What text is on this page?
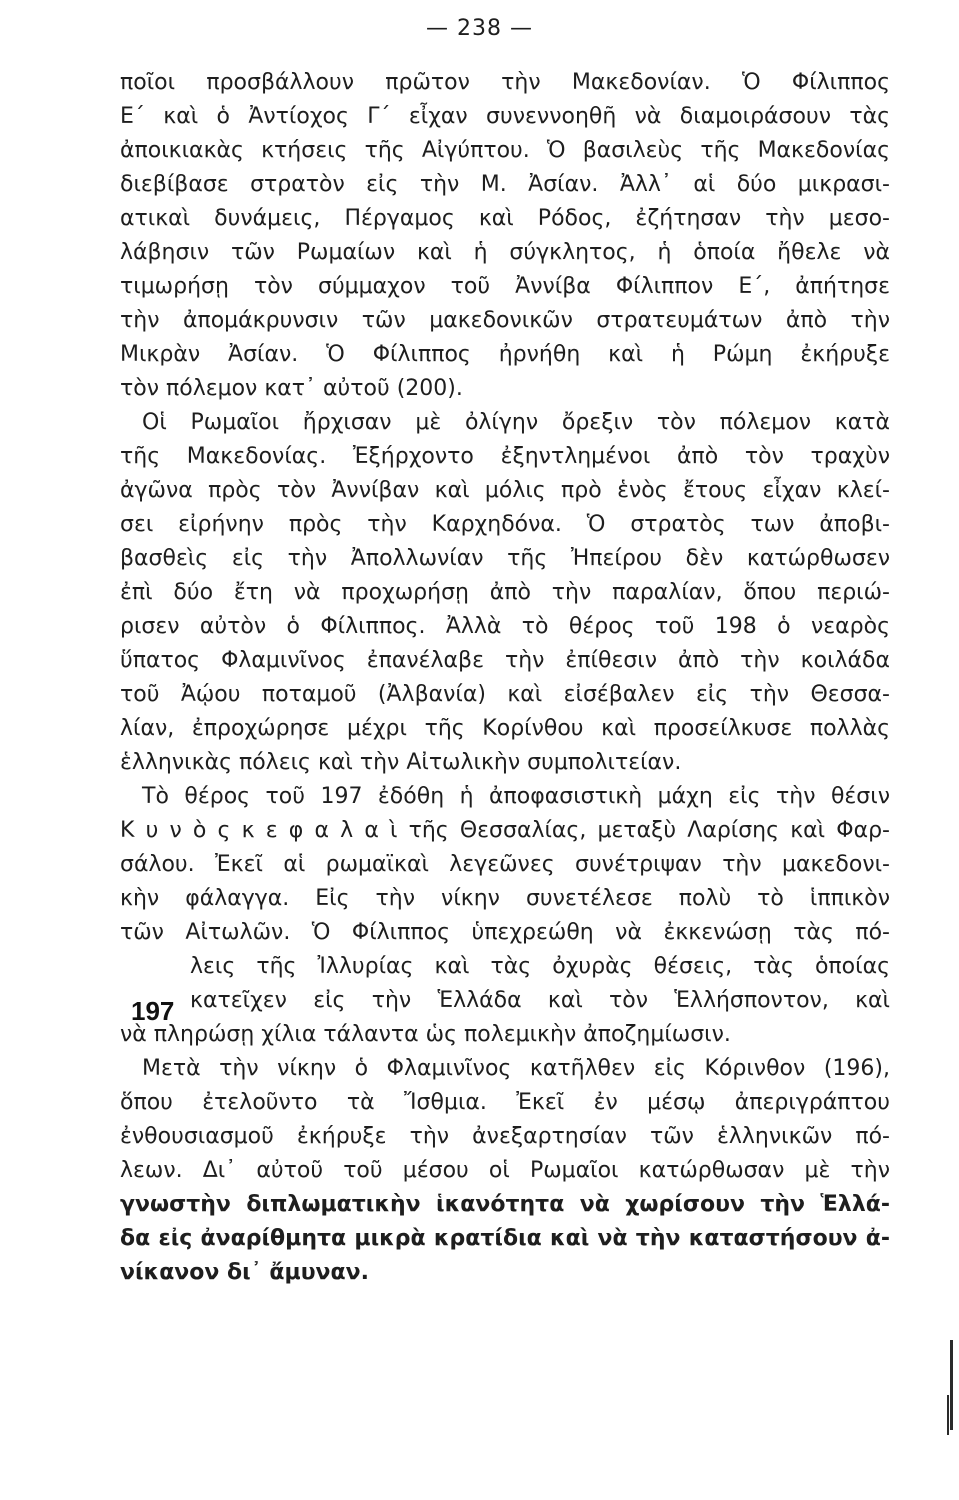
— 238 —
197
ποῖοι προσβάλλουν πρῶτον τὴν Μακεδονίαν. Ὁ Φίλιππος
Ε΄ καὶ ὁ Ἀντίοχος Γ΄ εἶχαν συνεννοηθῆ νὰ διαμοιράσουν τὰς
ἀποικιακὰς κτήσεις τῆς Αἰγύπτου. Ὁ βασιλεὺς τῆς Μακεδονίας
διεβίβασε στρατὸν εἰς τὴν Μ. Ἀσίαν. Ἀλλ᾽ αἱ δύο μικρασι-
ατικαὶ δυνάμεις, Πέργαμος καὶ Ρόδος, ἐζήτησαν τὴν μεσο-
λάβησιν τῶν Ρωμαίων καὶ ἡ σύγκλητος, ἡ ὁποία ἤθελε νὰ
τιμωρήσῃ τὸν σύμμαχον τοῦ Ἀννίβα Φίλιππον Ε΄, ἀπήτησε
τὴν ἀπομάκρυνσιν τῶν μακεδονικῶν στρατευμάτων ἀπὸ τὴν
Μικρὰν Ἀσίαν. Ὁ Φίλιππος ἠρνήθη καὶ ἡ Ρώμη ἐκήρυξε
τὸν πόλεμον κατ᾽ αὐτοῦ (200).
Οἱ Ρωμαῖοι ἤρχισαν μὲ ὀλίγην ὄρεξιν τὸν πόλεμον κατὰ
τῆς Μακεδονίας. Ἐξήρχοντο ἐξηντλημένοι ἀπὸ τὸν τραχὺν
ἀγῶνα πρὸς τὸν Ἀννίβαν καὶ μόλις πρὸ ἑνὸς ἔτους εἶχαν κλεί-
σει εἰρήνην πρὸς τὴν Καρχηδόνα. Ὁ στρατὸς των ἀποβι-
βασθεὶς εἰς τὴν Ἀπολλωνίαν τῆς Ἠπείρου δὲν κατώρθωσεν
ἐπὶ δύο ἔτη νὰ προχωρήσῃ ἀπὸ τὴν παραλίαν, ὅπου περιώ-
ρισεν αὐτὸν ὁ Φίλιππος. Ἀλλὰ τὸ θέρος τοῦ 198 ὁ νεαρὸς
ὕπατος Φλαμινῖνος ἐπανέλαβε τὴν ἐπίθεσιν ἀπὸ τὴν κοιλάδα
τοῦ Ἀῴου ποταμοῦ (Ἀλβανία) καὶ εἰσέβαλεν εἰς τὴν Θεσσα-
λίαν, ἐπροχώρησε μέχρι τῆς Κορίνθου καὶ προσείλκυσε πολλὰς
ἑλληνικὰς πόλεις καὶ τὴν Αἰτωλικὴν συμπολιτείαν.
Τὸ θέρος τοῦ 197 ἐδόθη ἡ ἀποφασιστικὴ μάχη εἰς τὴν θέσιν
Κ υ ν ὸ ς κ ε φ α λ α ὶ τῆς Θεσσαλίας, μεταξὺ Λαρίσης καὶ Φαρ-
σάλου. Ἐκεῖ αἱ ρωμαϊκαὶ λεγεῶνες συνέτριψαν τὴν μακεδονι-
κὴν φάλαγγα. Εἰς τὴν νίκην συνετέλεσε πολὺ τὸ ἱππικὸν
τῶν Αἰτωλῶν. Ὁ Φίλιππος ὑπεχρεώθη νὰ ἐκκενώσῃ τὰς πό-
λεις τῆς Ἰλλυρίας καὶ τὰς ὀχυρὰς θέσεις, τὰς ὁποίας
κατεῖχεν εἰς τὴν Ἑλλάδα καὶ τὸν Ἑλλήσποντον, καὶ
νὰ πληρώσῃ χίλια τάλαντα ὡς πολεμικὴν ἀποζημίωσιν.
Μετὰ τὴν νίκην ὁ Φλαμινῖνος κατῆλθεν εἰς Κόρινθον (196),
ὅπου ἐτελοῦντο τὰ Ἴσθμια. Ἐκεῖ ἐν μέσῳ ἀπεριγράπτου
ἐνθουσιασμοῦ ἐκήρυξε τὴν ἀνεξαρτησίαν τῶν ἑλληνικῶν πό-
λεων. Δι᾽ αὐτοῦ τοῦ μέσου οἱ Ρωμαῖοι κατώρθωσαν μὲ τὴν
γνωστὴν διπλωματικὴν ἱκανότητα νὰ χωρίσουν τὴν Ἑλλά-
δα εἰς ἀναρίθμητα μικρὰ κρατίδια καὶ νὰ τὴν καταστήσουν ἀ-
νίκανον δι᾽ ἄμυναν.
